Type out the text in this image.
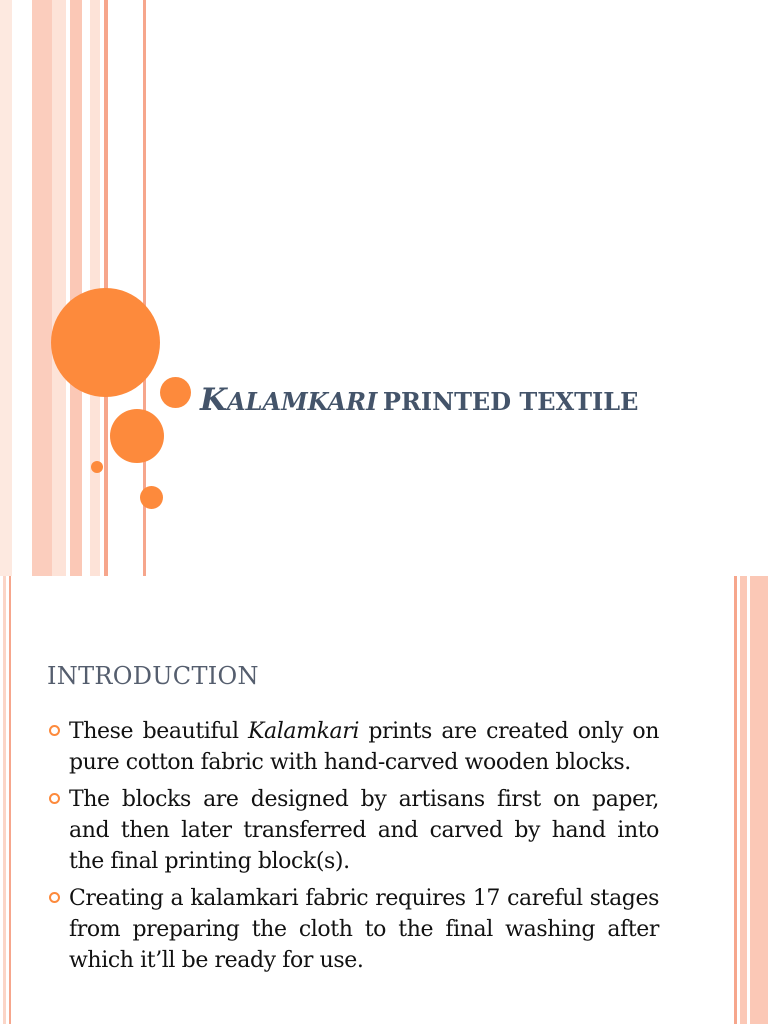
KALAMKARI PRINTED TEXTILE
INTRODUCTION
These beautiful Kalamkari prints are created only on pure cotton fabric with hand-carved wooden blocks.
The blocks are designed by artisans first on paper, and then later transferred and carved by hand into the final printing block(s).
Creating a kalamkari fabric requires 17 careful stages from preparing the cloth to the final washing after which it’ll be ready for use.
